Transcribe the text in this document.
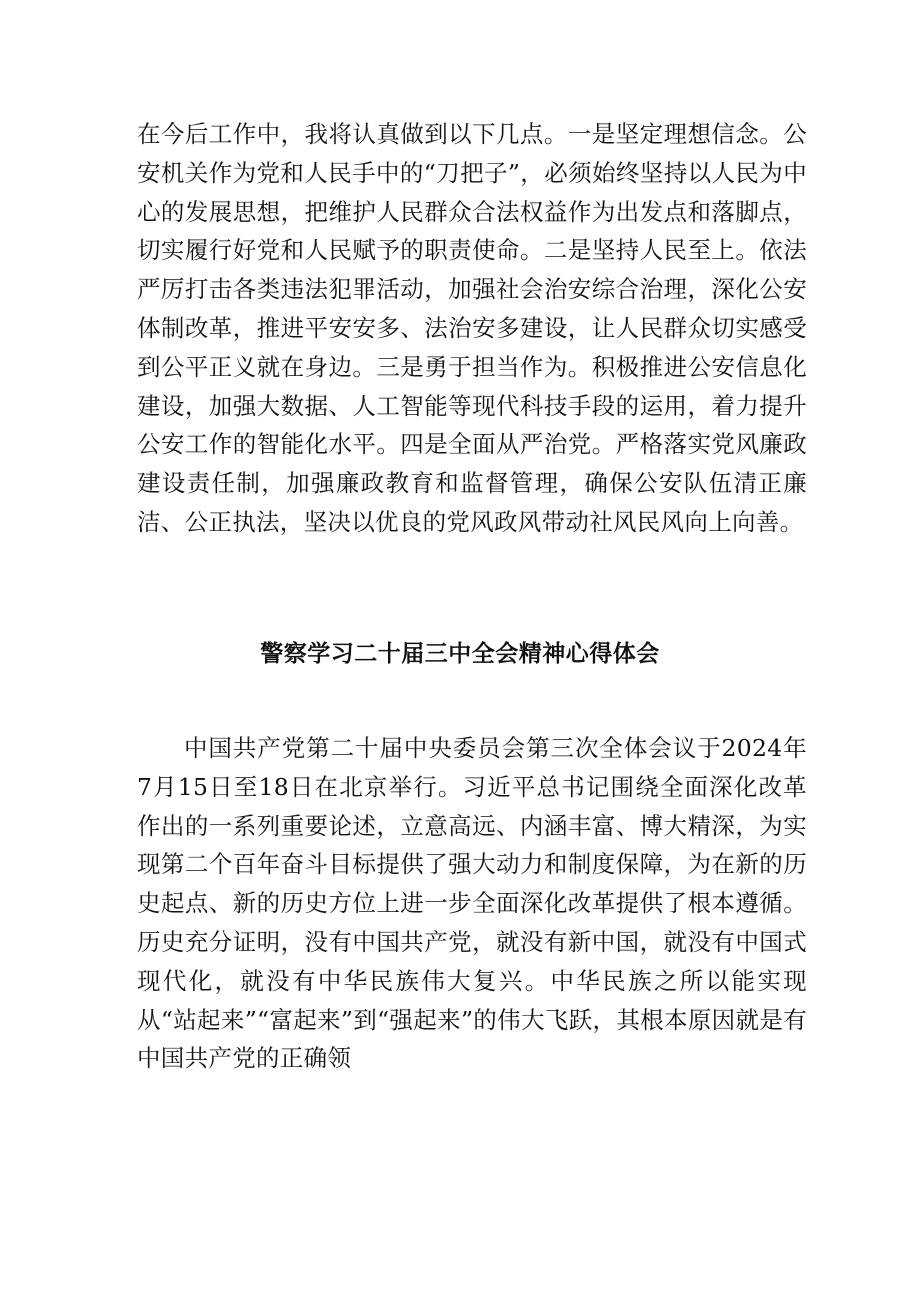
在今后工作中，我将认真做到以下几点。一是坚定理想信念。公安机关作为党和人民手中的“刀把子”，必须始终坚持以人民为中心的发展思想，把维护人民群众合法权益作为出发点和落脚点，切实履行好党和人民赋予的职责使命。二是坚持人民至上。依法严厉打击各类违法犯罪活动，加强社会治安综合治理，深化公安体制改革，推进平安安多、法治安多建设，让人民群众切实感受到公平正义就在身边。三是勇于担当作为。积极推进公安信息化建设，加强大数据、人工智能等现代科技手段的运用，着力提升公安工作的智能化水平。四是全面从严治党。严格落实党风廉政建设责任制，加强廉政教育和监督管理，确保公安队伍清正廉洁、公正执法，坚决以优良的党风政风带动社风民风向上向善。

警察学习二十届三中全会精神心得体会

中国共产党第二十届中央委员会第三次全体会议于2024年7月15日至18日在北京举行。习近平总书记围绕全面深化改革作出的一系列重要论述，立意高远、内涵丰富、博大精深，为实现第二个百年奋斗目标提供了强大动力和制度保障，为在新的历史起点、新的历史方位上进一步全面深化改革提供了根本遵循。历史充分证明，没有中国共产党，就没有新中国，就没有中国式现代化，就没有中华民族伟大复兴。中华民族之所以能实现从“站起来”“富起来”到“强起来”的伟大飞跃，其根本原因就是有中国共产党的正确领
